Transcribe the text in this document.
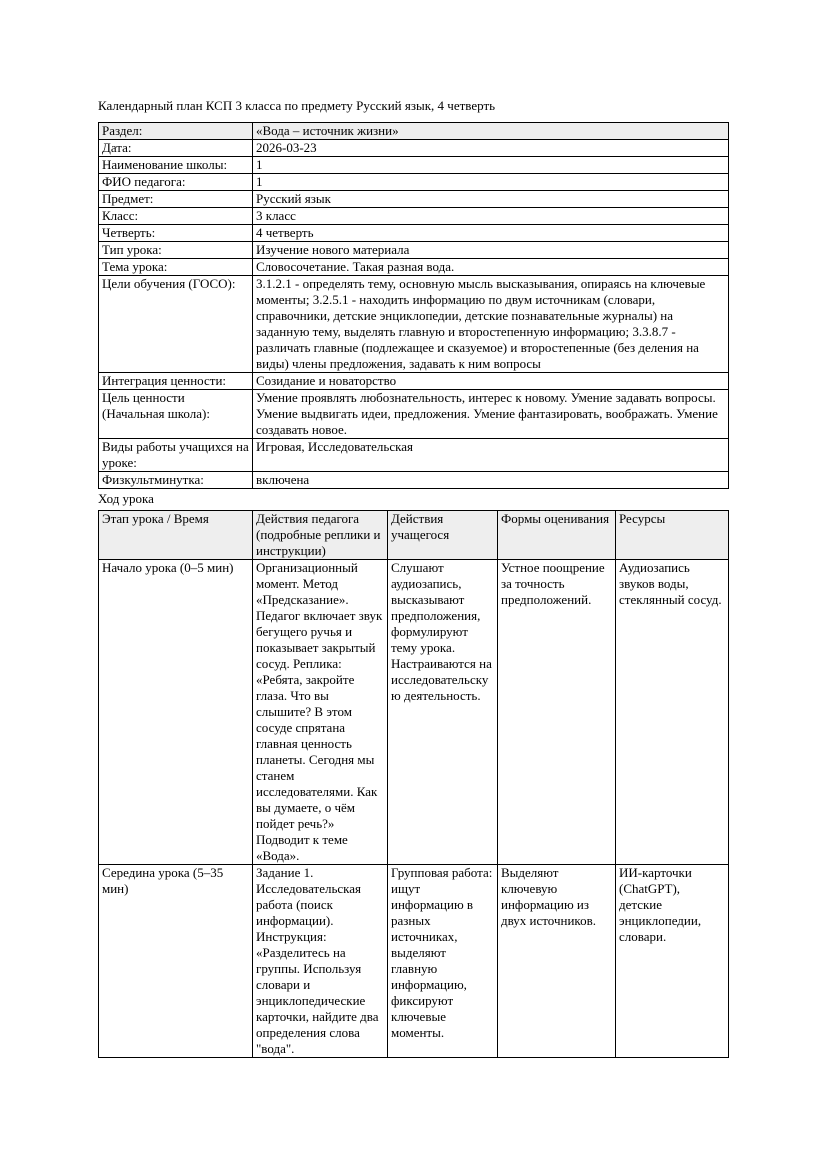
Календарный план КСП 3 класса по предмету Русский язык, 4 четверть
Раздел:	«Вода – источник жизни»
Дата:	2026-03-23
Наименование школы:	1
ФИО педагога:	1
Предмет:	Русский язык
Класс:	3 класс
Четверть:	4 четверть
Тип урока:	Изучение нового материала
Тема урока:	Словосочетание. Такая разная вода.
Цели обучения (ГОСО):	3.1.2.1 - определять тему, основную мысль высказывания, опираясь на ключевые моменты; 3.2.5.1 - находить информацию по двум источникам (словари, справочники, детские энциклопедии, детские познавательные журналы) на заданную тему, выделять главную и второстепенную информацию; 3.3.8.7 - различать главные (подлежащее и сказуемое) и второстепенные (без деления на виды) члены предложения, задавать к ним вопросы
Интеграция ценности:	Созидание и новаторство
Цель ценности (Начальная школа):	Умение проявлять любознательность, интерес к новому. Умение задавать вопросы. Умение выдвигать идеи, предложения. Умение фантазировать, воображать. Умение создавать новое.
Виды работы учащихся на уроке:	Игровая, Исследовательская
Физкультминутка:	включена
Ход урока
Этап урока / Время	Действия педагога (подробные реплики и инструкции)	Действия учащегося	Формы оценивания	Ресурсы
Начало урока (0–5 мин)	Организационный момент. Метод «Предсказание». Педагог включает звук бегущего ручья и показывает закрытый сосуд. Реплика: «Ребята, закройте глаза. Что вы слышите? В этом сосуде спрятана главная ценность планеты. Сегодня мы станем исследователями. Как вы думаете, о чём пойдет речь?» Подводит к теме «Вода».	Слушают аудиозапись, высказывают предположения, формулируют тему урока. Настраиваются на исследовательскую деятельность.	Устное поощрение за точность предположений.	Аудиозапись звуков воды, стеклянный сосуд.
Середина урока (5–35 мин)	Задание 1. Исследовательская работа (поиск информации). Инструкция: «Разделитесь на группы. Используя словари и энциклопедические карточки, найдите два определения слова "вода".	Групповая работа: ищут информацию в разных источниках, выделяют главную информацию, фиксируют ключевые моменты.	Выделяют ключевую информацию из двух источников.	ИИ-карточки (ChatGPT), детские энциклопедии, словари.
